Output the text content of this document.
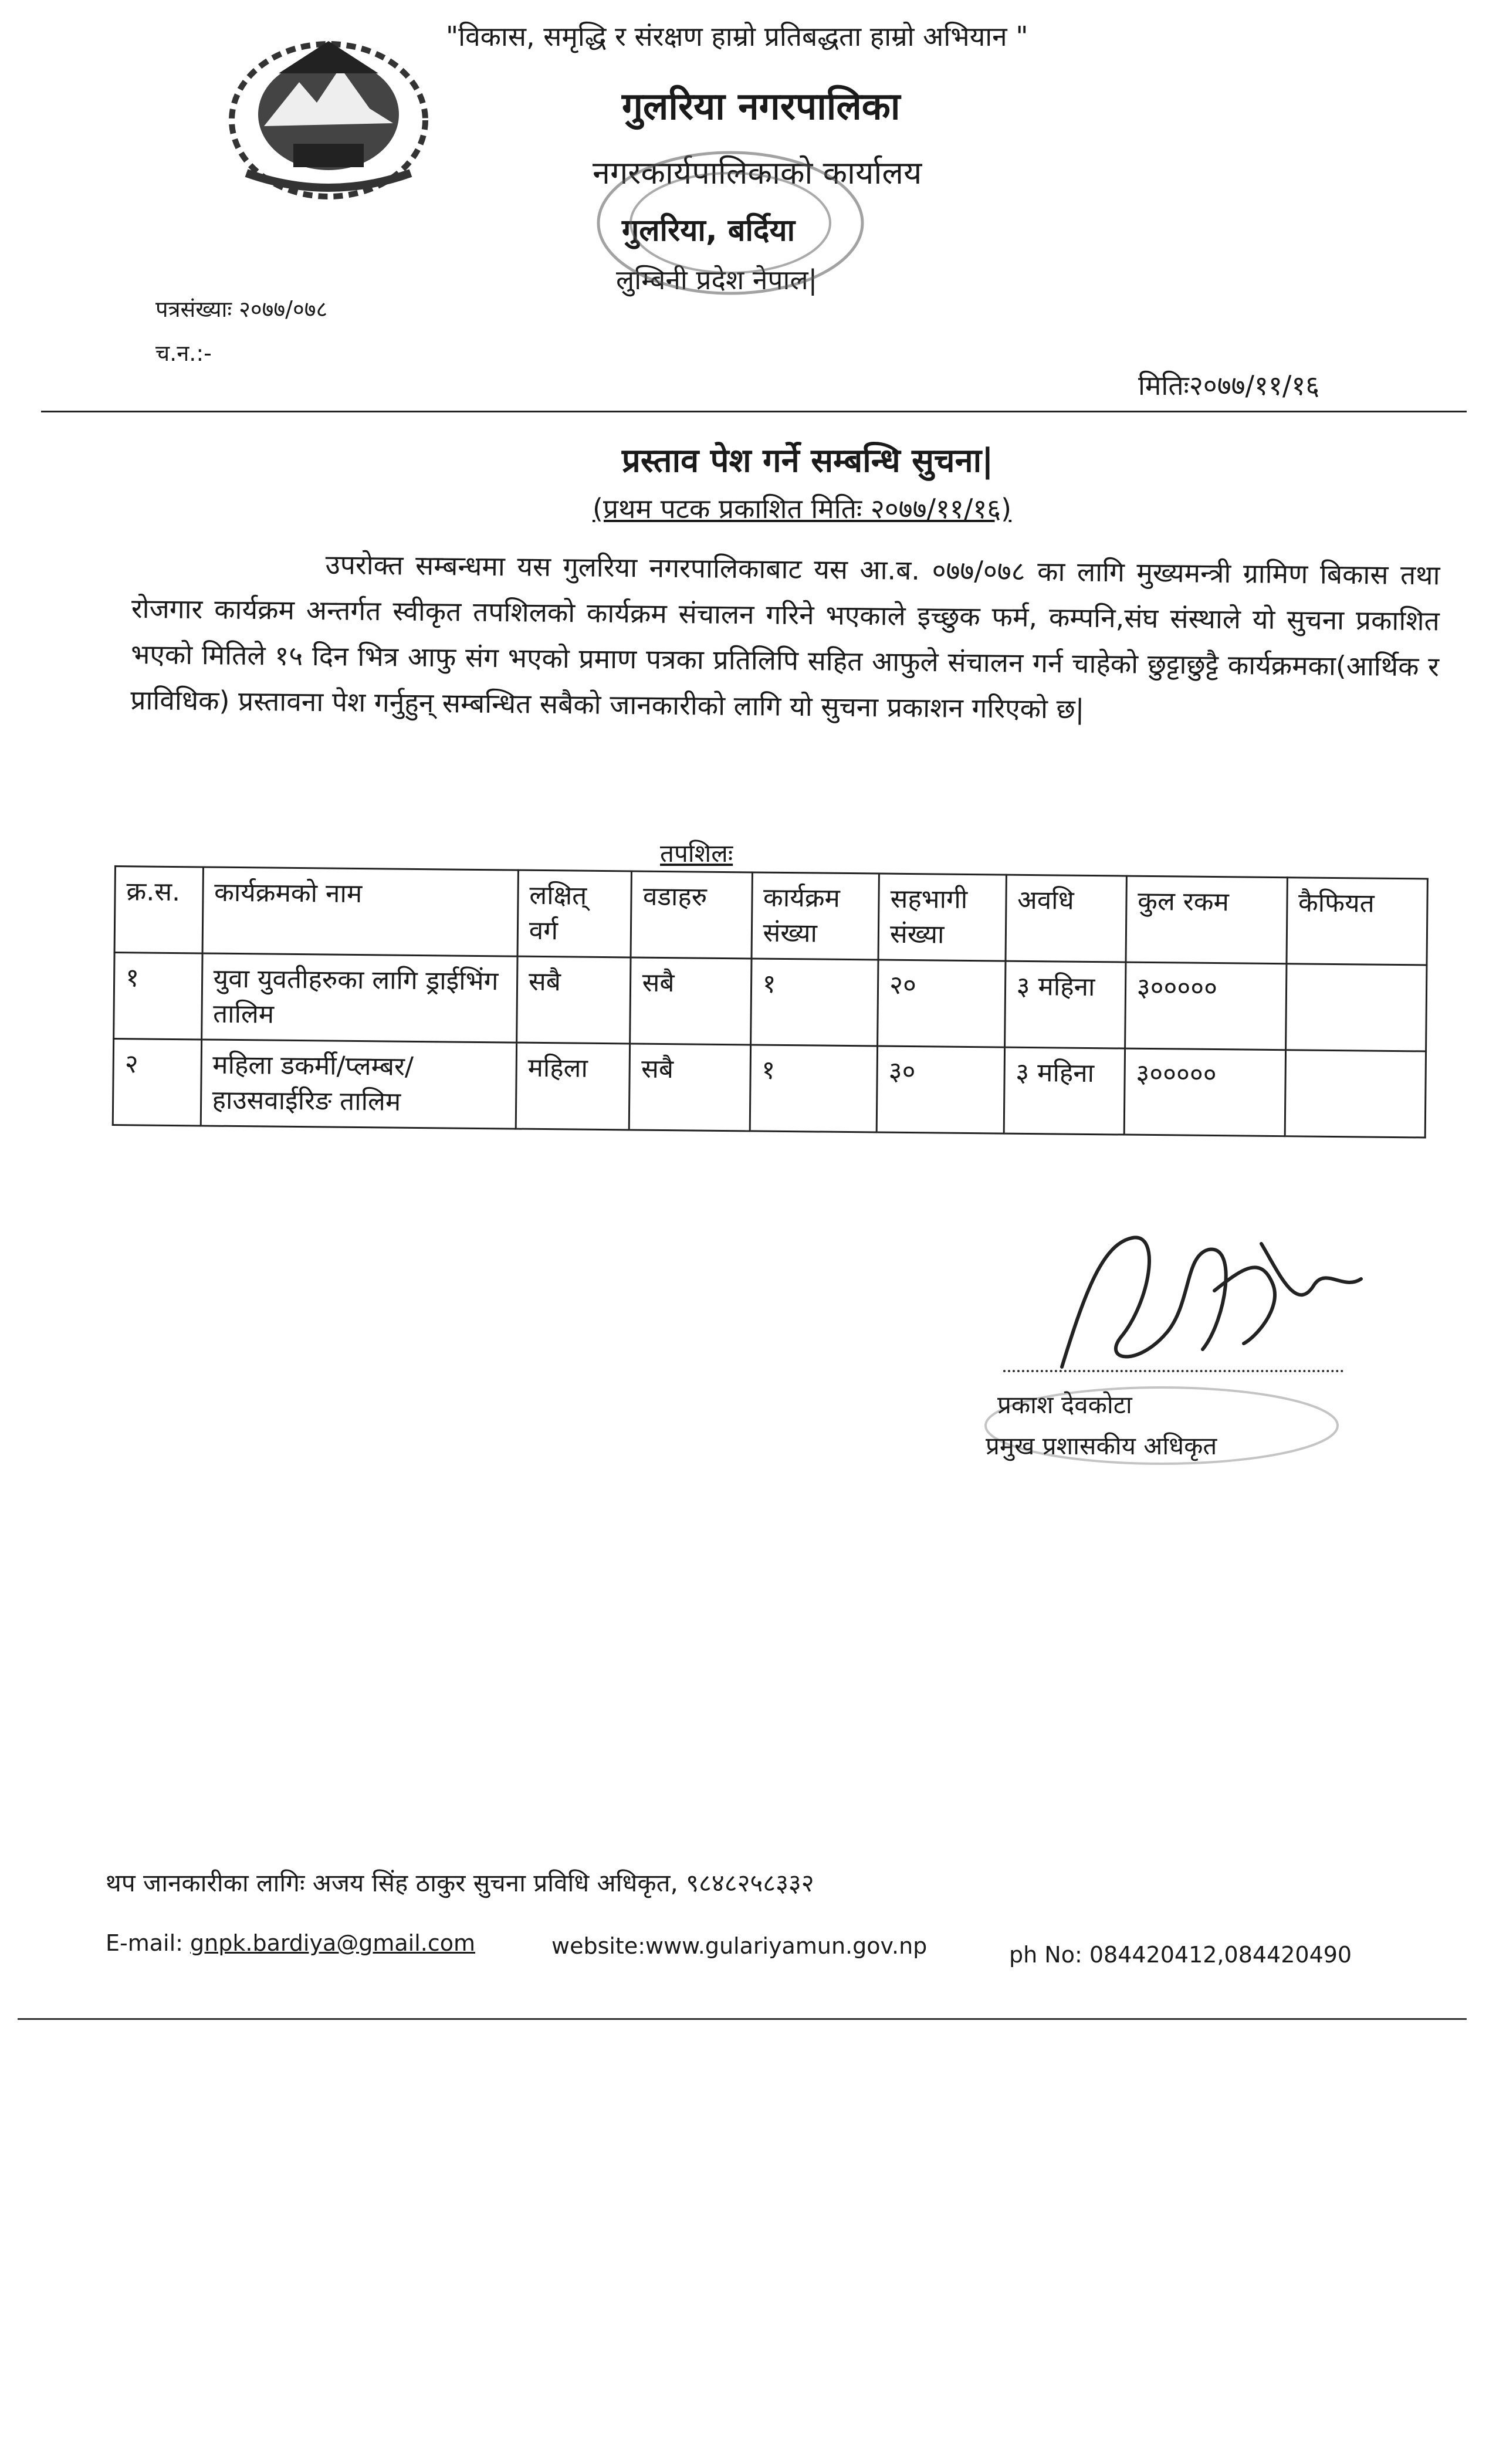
"विकास, समृद्धि र संरक्षण हाम्रो प्रतिबद्धता हाम्रो अभियान "
गुलरिया नगरपालिका
नगरकार्यपालिकाको कार्यालय
गुलरिया, बर्दिया
लुम्बिनी प्रदेश नेपाल|
पत्रसंख्याः २०७७/०७८
च.न.:-
मितिः२०७७/११/१६
प्रस्ताव पेश गर्ने सम्बन्धि सुचना|
(प्रथम पटक प्रकाशित मितिः २०७७/११/१६)
उपरोक्त सम्बन्धमा यस गुलरिया नगरपालिकाबाट यस आ.ब. ०७७/०७८ का लागि मुख्यमन्त्री ग्रामिण बिकास तथा रोजगार कार्यक्रम अन्तर्गत स्वीकृत तपशिलको कार्यक्रम संचालन गरिने भएकाले इच्छुक फर्म, कम्पनि,संघ संस्थाले यो सुचना प्रकाशित भएको मितिले १५ दिन भित्र आफु संग भएको प्रमाण पत्रका प्रतिलिपि सहित आफुले संचालन गर्न चाहेको छुट्टाछुट्टै कार्यक्रमका(आर्थिक र प्राविधिक) प्रस्तावना पेश गर्नुहुन् सम्बन्धित सबैको जानकारीको लागि यो सुचना प्रकाशन गरिएको छ|
तपशिलः
क्र.स.	कार्यक्रमको नाम	लक्षित् वर्ग	वडाहरु	कार्यक्रम संख्या	सहभागी संख्या	अवधि	कुल रकम	कैफियत
१	युवा युवतीहरुका लागि ड्राईभिंग तालिम	सबै	सबै	१	२०	३ महिना	३०००००	
२	महिला डकर्मी/प्लम्बर/हाउसवाईरिङ तालिम	महिला	सबै	१	३०	३ महिना	३०००००	
प्रकाश देवकोटा
प्रमुख प्रशासकीय अधिकृत
थप जानकारीका लागिः अजय सिंह ठाकुर सुचना प्रविधि अधिकृत, ९८४८२५८३३२
E-mail: gnpk.bardiya@gmail.com	website:www.gulariyamun.gov.np	ph No: 084420412,084420490
